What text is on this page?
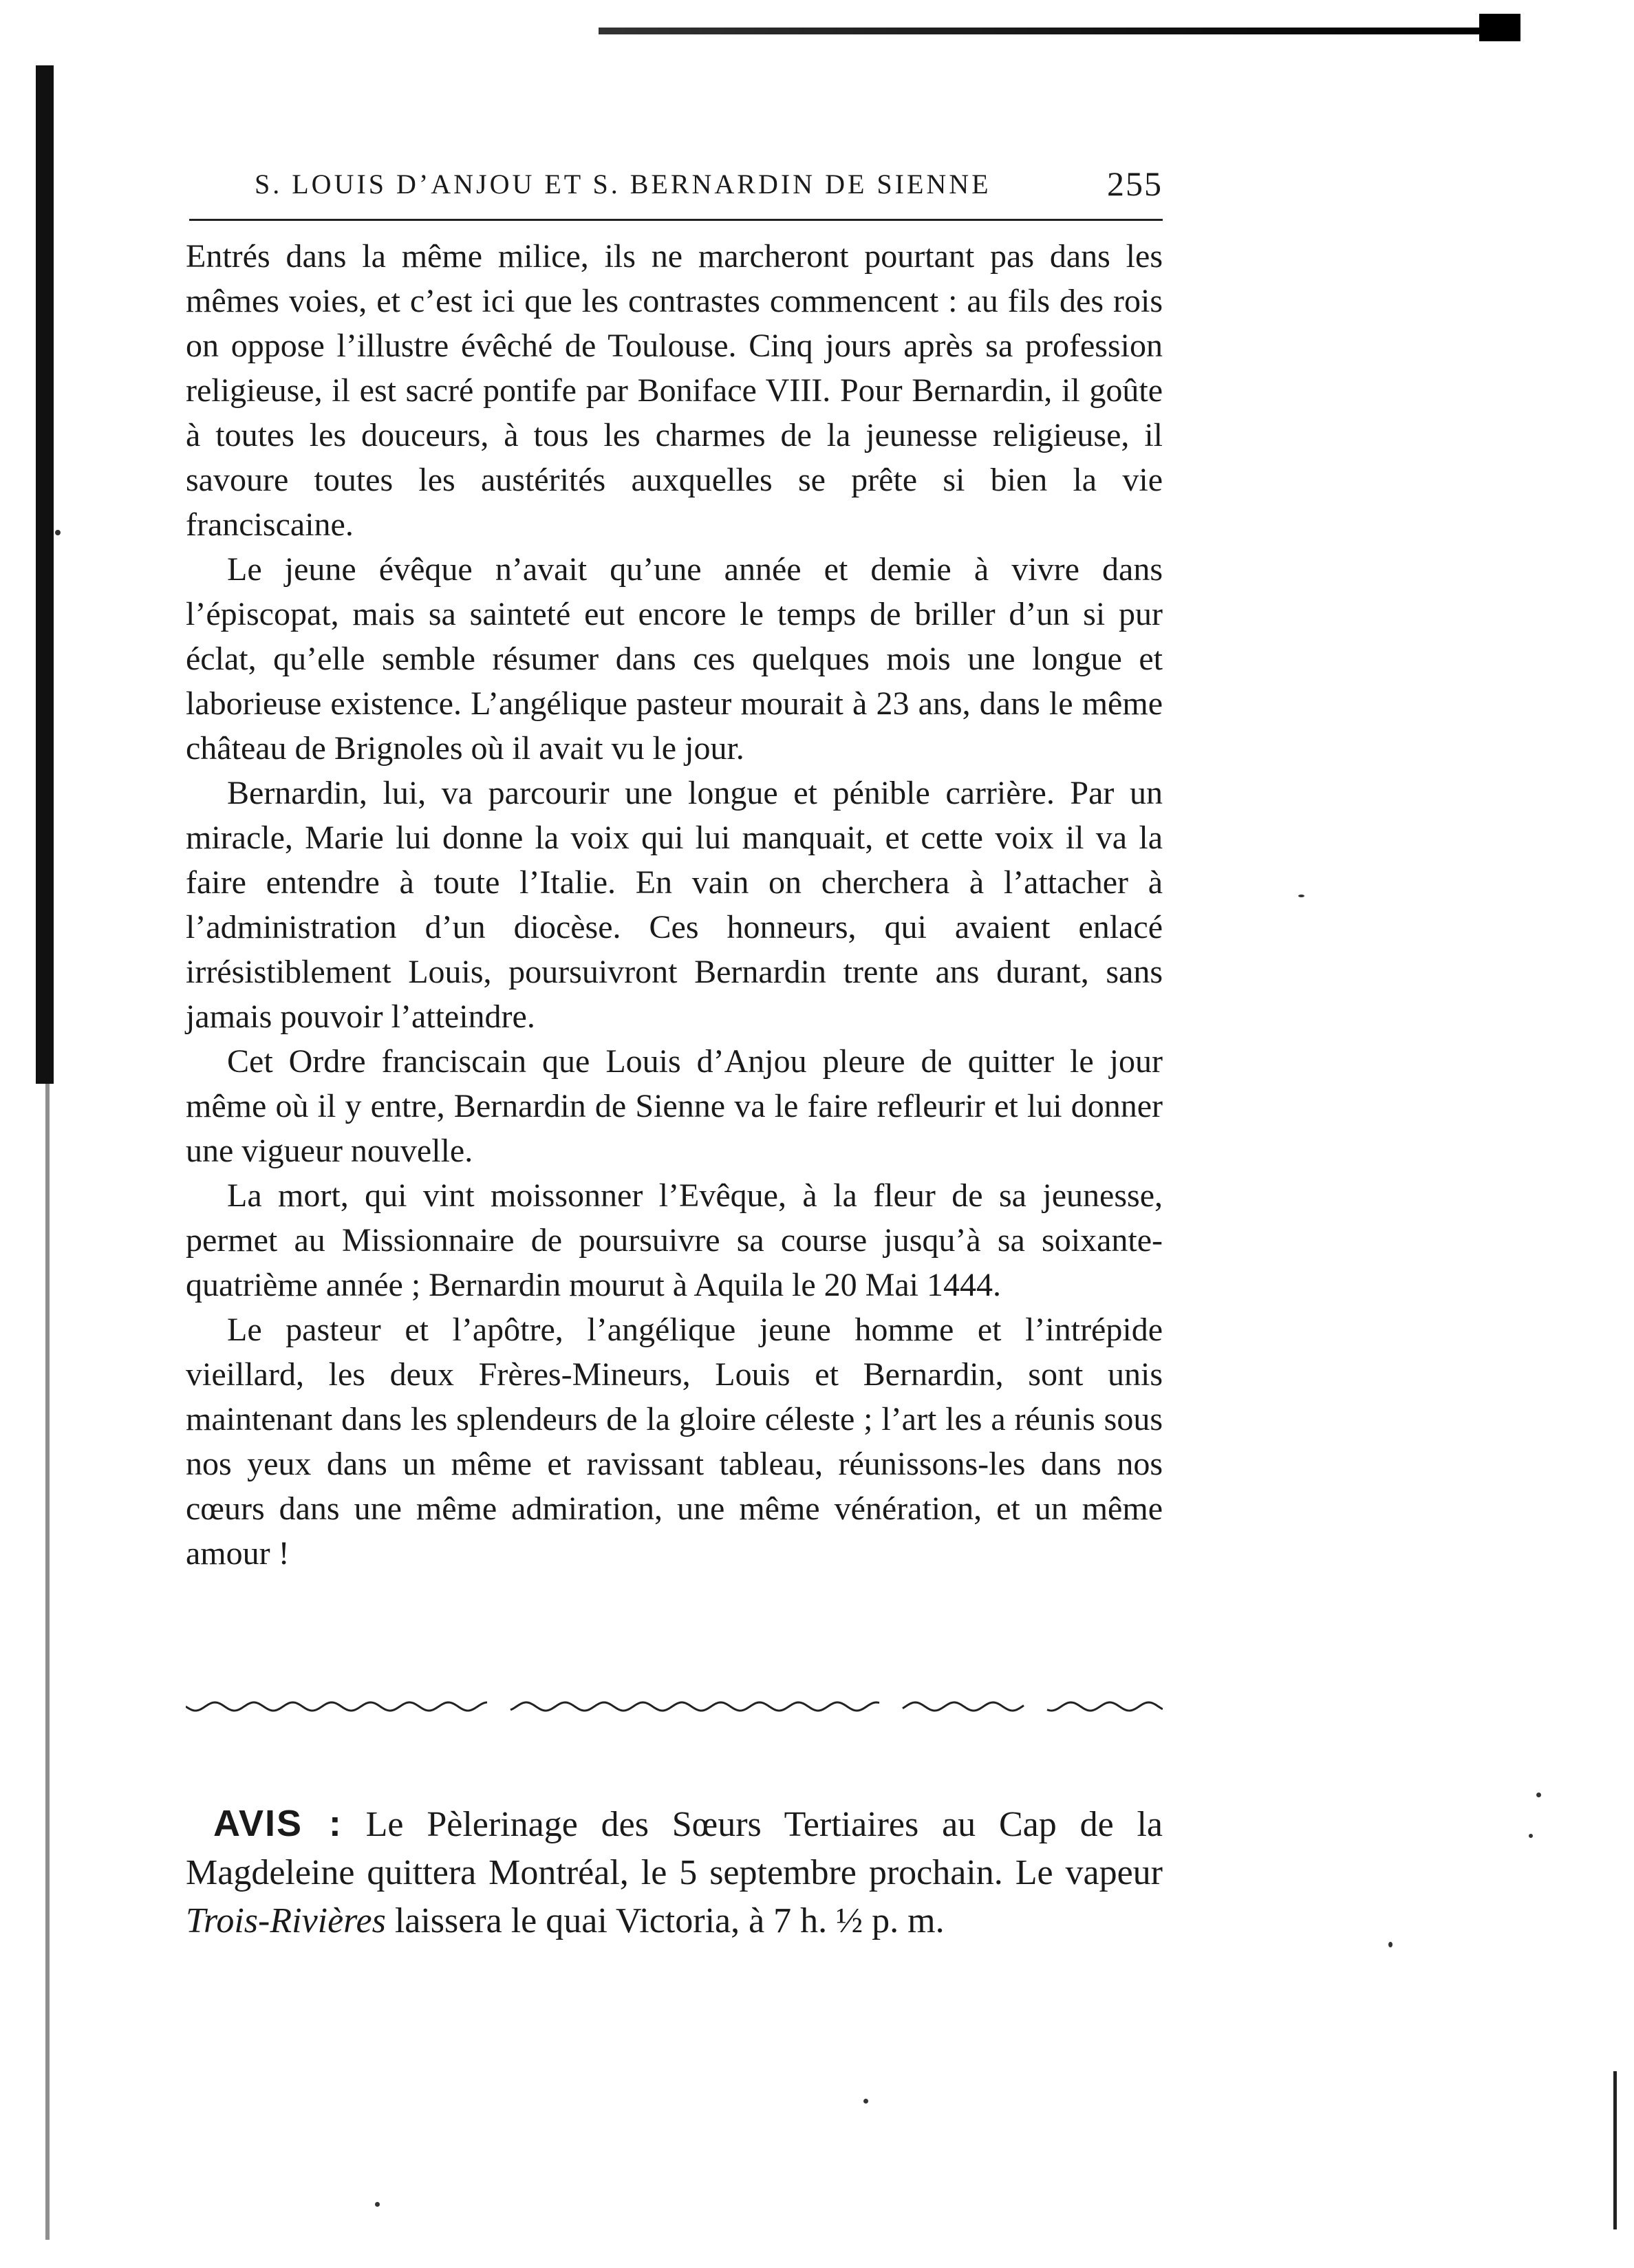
S. LOUIS D’ANJOU ET S. BERNARDIN DE SIENNE	255

Entrés dans la même milice, ils ne marcheront pourtant pas dans les mêmes voies, et c’est ici que les contrastes commencent : au fils des rois on oppose l’illustre évêché de Toulouse. Cinq jours après sa profession religieuse, il est sacré pontife par Boniface VIII. Pour Bernardin, il goûte à toutes les douceurs, à tous les charmes de la jeunesse religieuse, il savoure toutes les austérités auxquelles se prête si bien la vie franciscaine.

Le jeune évêque n’avait qu’une année et demie à vivre dans l’épiscopat, mais sa sainteté eut encore le temps de briller d’un si pur éclat, qu’elle semble résumer dans ces quelques mois une longue et laborieuse existence. L’angélique pasteur mourait à 23 ans, dans le même château de Brignoles où il avait vu le jour.

Bernardin, lui, va parcourir une longue et pénible carrière. Par un miracle, Marie lui donne la voix qui lui manquait, et cette voix il va la faire entendre à toute l’Italie. En vain on cherchera à l’attacher à l’administration d’un diocèse. Ces honneurs, qui avaient enlacé irrésistiblement Louis, poursuivront Bernardin trente ans durant, sans jamais pouvoir l’atteindre.

Cet Ordre franciscain que Louis d’Anjou pleure de quitter le jour même où il y entre, Bernardin de Sienne va le faire refleurir et lui donner une vigueur nouvelle.

La mort, qui vint moissonner l’Evêque, à la fleur de sa jeunesse, permet au Missionnaire de poursuivre sa course jusqu’à sa soixante-quatrième année ; Bernardin mourut à Aquila le 20 Mai 1444.

Le pasteur et l’apôtre, l’angélique jeune homme et l’intrépide vieillard, les deux Frères-Mineurs, Louis et Bernardin, sont unis maintenant dans les splendeurs de la gloire céleste ; l’art les a réunis sous nos yeux dans un même et ravissant tableau, réunissons-les dans nos cœurs dans une même admiration, une même vénération, et un même amour !

AVIS : Le Pèlerinage des Sœurs Tertiaires au Cap de la Magdeleine quittera Montréal, le 5 septembre prochain. Le vapeur Trois-Rivières laissera le quai Victoria, à 7 h. ½ p. m.
